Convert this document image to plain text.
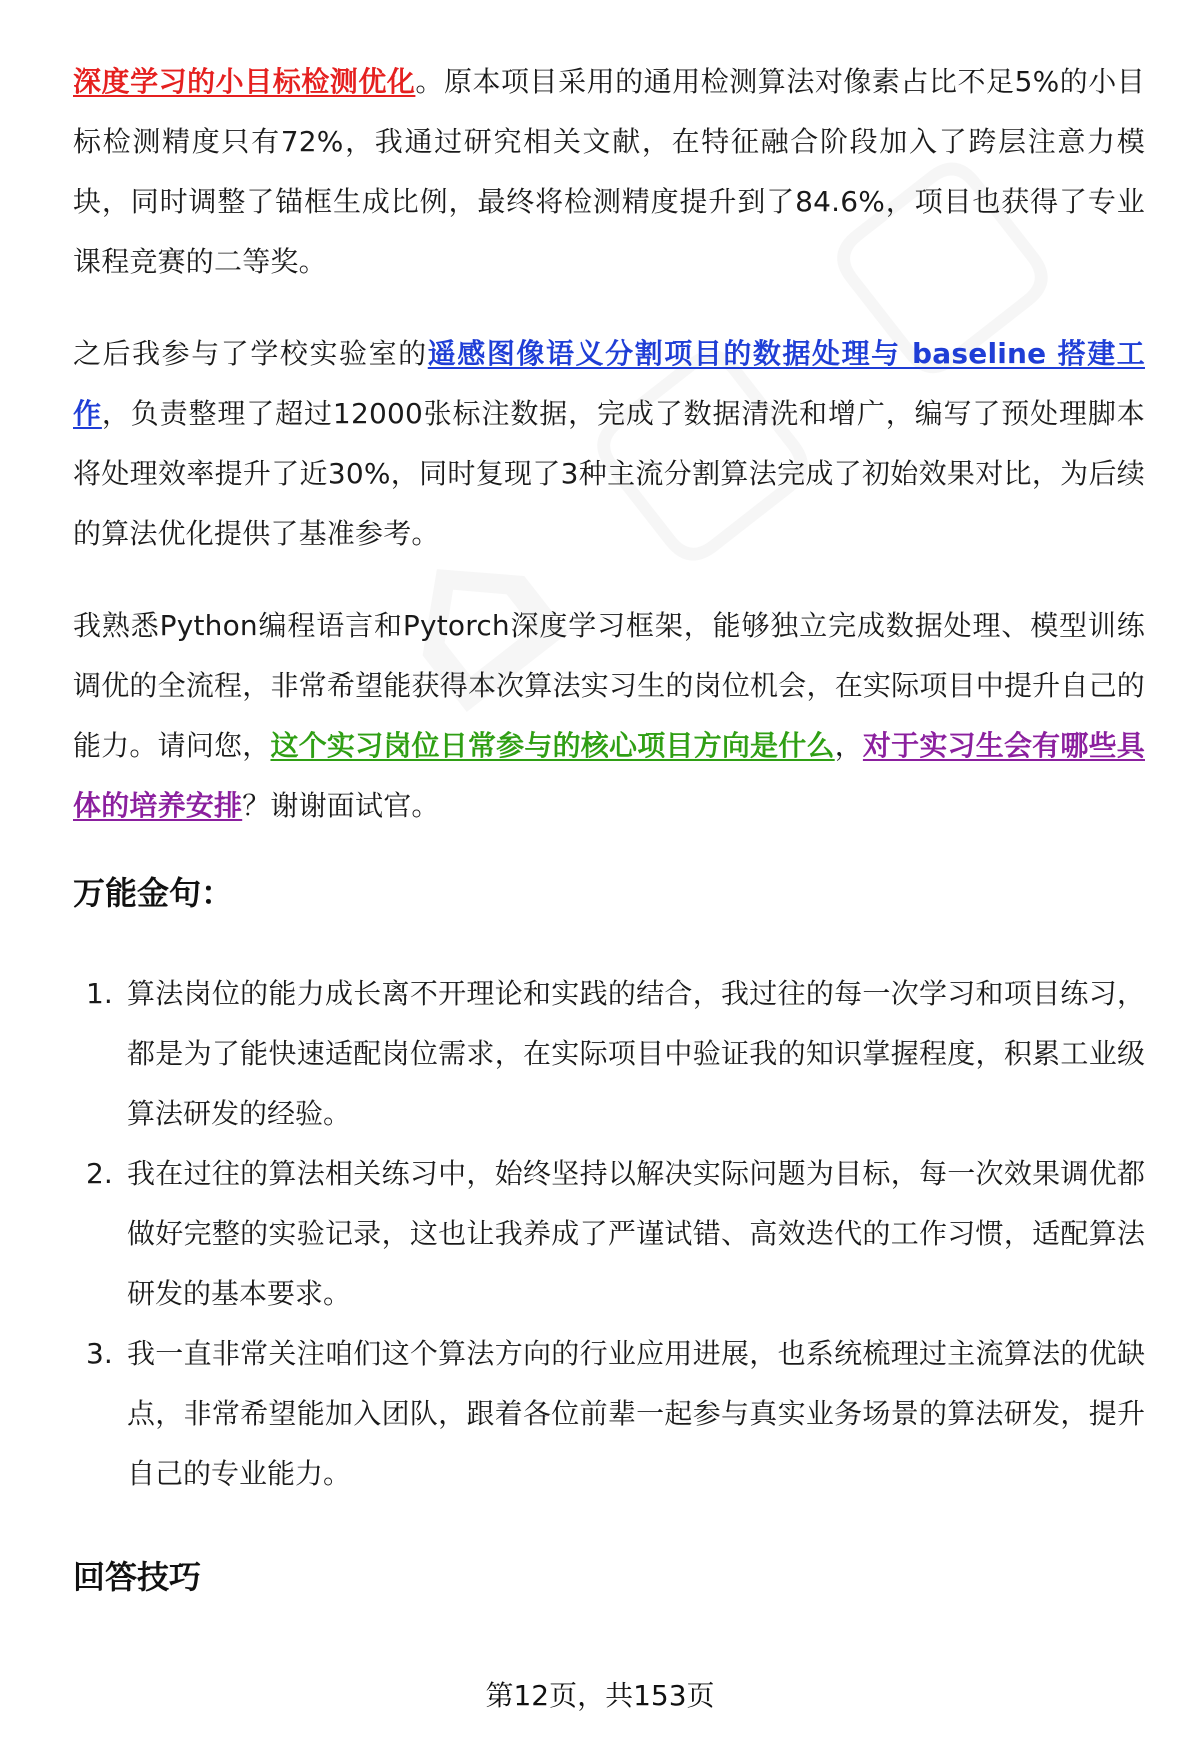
深度学习的小目标检测优化。原本项目采用的通用检测算法对像素占比不足5%的小目标检测精度只有72%，我通过研究相关文献，在特征融合阶段加入了跨层注意力模块，同时调整了锚框生成比例，最终将检测精度提升到了84.6%，项目也获得了专业课程竞赛的二等奖。

之后我参与了学校实验室的遥感图像语义分割项目的数据处理与 baseline 搭建工作，负责整理了超过12000张标注数据，完成了数据清洗和增广，编写了预处理脚本将处理效率提升了近30%，同时复现了3种主流分割算法完成了初始效果对比，为后续的算法优化提供了基准参考。

我熟悉Python编程语言和Pytorch深度学习框架，能够独立完成数据处理、模型训练调优的全流程，非常希望能获得本次算法实习生的岗位机会，在实际项目中提升自己的能力。请问您，这个实习岗位日常参与的核心项目方向是什么，对于实习生会有哪些具体的培养安排？谢谢面试官。

万能金句：
1. 算法岗位的能力成长离不开理论和实践的结合，我过往的每一次学习和项目练习，都是为了能快速适配岗位需求，在实际项目中验证我的知识掌握程度，积累工业级算法研发的经验。
2. 我在过往的算法相关练习中，始终坚持以解决实际问题为目标，每一次效果调优都做好完整的实验记录，这也让我养成了严谨试错、高效迭代的工作习惯，适配算法研发的基本要求。
3. 我一直非常关注咱们这个算法方向的行业应用进展，也系统梳理过主流算法的优缺点，非常希望能加入团队，跟着各位前辈一起参与真实业务场景的算法研发，提升自己的专业能力。
回答技巧
第12页，共153页
